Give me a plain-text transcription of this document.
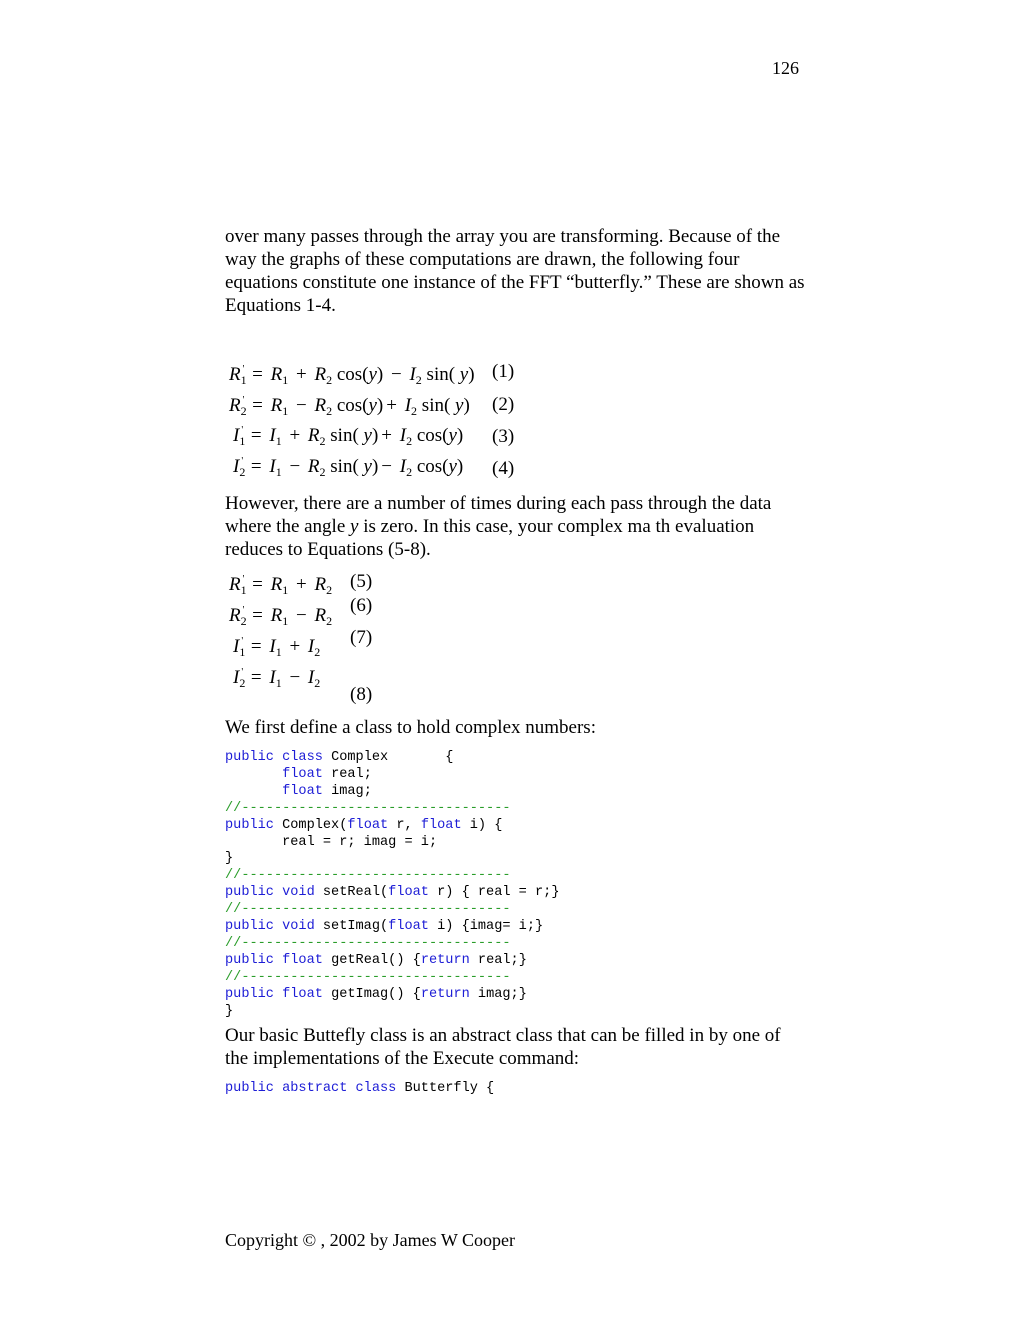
126
over many passes through the array you are transforming. Because of the way the graphs of these computations are drawn, the following four equations constitute one instance of the FFT “butterfly.” These are shown as Equations 1-4.
$R_1' = R_1 + R_2$ $\cos(y) - I_2$ sin( y) (1)
$R_2' = R_1 - R_2$ $\cos(y) + I_2$ sin( y) (2)
$I_1' = I_1 + R_2$ sin( $y) + I_2$ cos(y) (3)
$I_2' = I_1 - R_2$ sin( $y) - I_2$ cos(y) (4)
However, there are a number of times during each pass through the data where the angle y is zero. In this case, your complex ma th evaluation reduces to Equations (5-8).
$R_1' = R_1 + R_2$ (5)
$R_2' = R_1 - R_2$
(6)
$I_1' = I_1 + I_2$
(7)
$I_2' = I_1 - I_2$
(8)
We first define a class to hold complex numbers:
public class Complex       {
float real;
float imag;
//---------------------------------
public Complex(float r, float i) {
real = r; imag = i;
}
//---------------------------------
public void setReal(float r) { real = r;}
//---------------------------------
public void setImag(float i) {imag= i;}
//---------------------------------
public float getReal() {return real;}
//---------------------------------
public float getImag() {return imag;}
}
Our basic Buttefly class is an abstract class that can be filled in by one of the implementations of the Execute command:
public abstract class Butterfly {
Copyright © , 2002 by James W Cooper
